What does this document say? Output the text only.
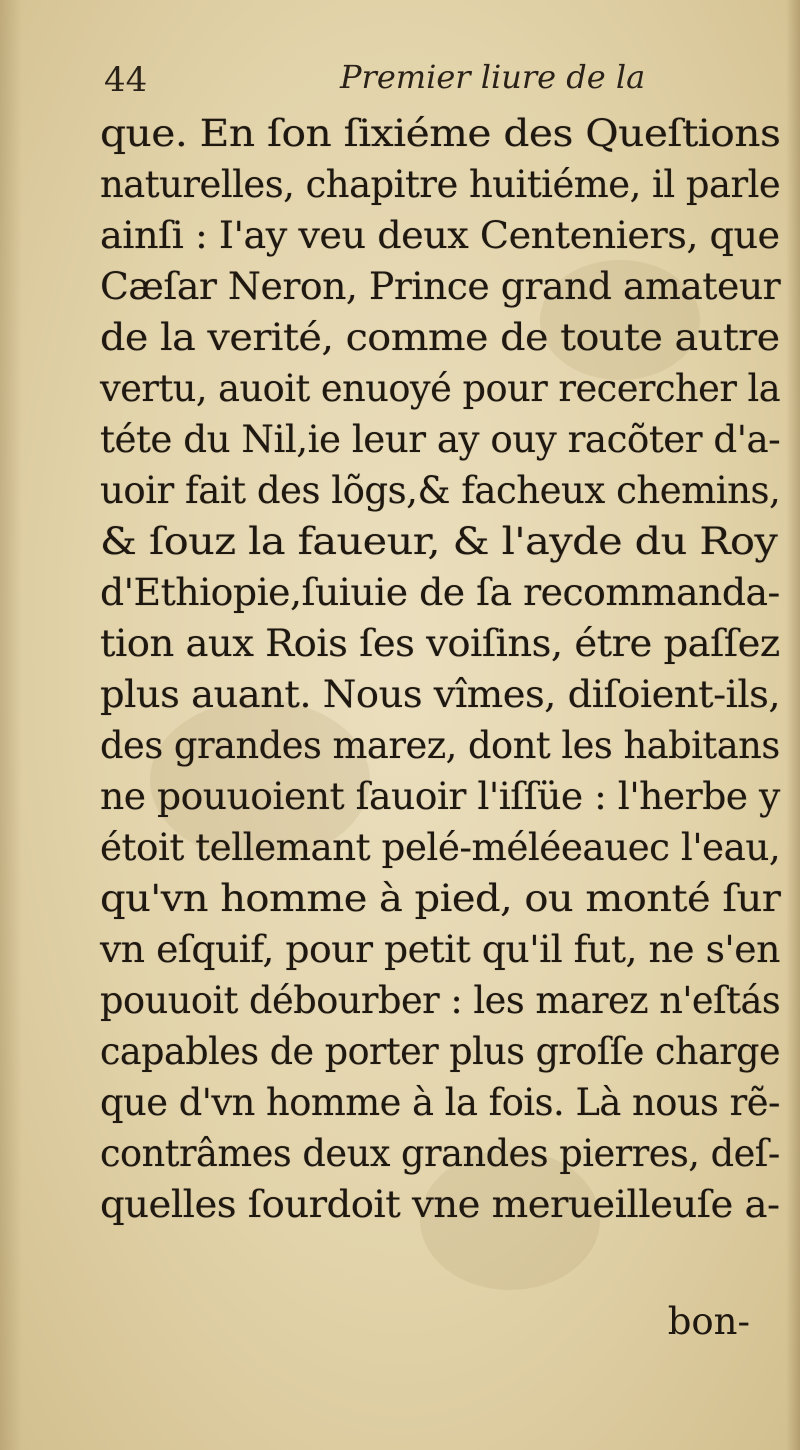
44	Premier liure de la
que. En ſon ſixiéme des Queſtions
naturelles, chapitre huitiéme, il parle
ainſi : I'ay veu deux Centeniers, que
Cæſar Neron, Prince grand amateur
de la verité, comme de toute autre
vertu, auoit enuoyé pour recercher la
téte du Nil,ie leur ay ouy racõter d'a-
uoir fait des lõgs,& facheux chemins,
& ſouz la faueur, & l'ayde du Roy
d'Ethiopie,ſuiuie de ſa recommanda-
tion aux Rois ſes voiſins, étre paſſez
plus auant. Nous vîmes, diſoient-ils,
des grandes marez, dont les habitans
ne pouuoient ſauoir l'iſſüe : l'herbe y
étoit tellemant pelé-méléeauec l'eau,
qu'vn homme à pied, ou monté ſur
vn eſquif, pour petit qu'il fut, ne s'en
pouuoit débourber : les marez n'eſtás
capables de porter plus groſſe charge
que d'vn homme à la fois. Là nous rẽ-
contrâmes deux grandes pierres, deſ-
quelles ſourdoit vne merueilleuſe a-
bon-
